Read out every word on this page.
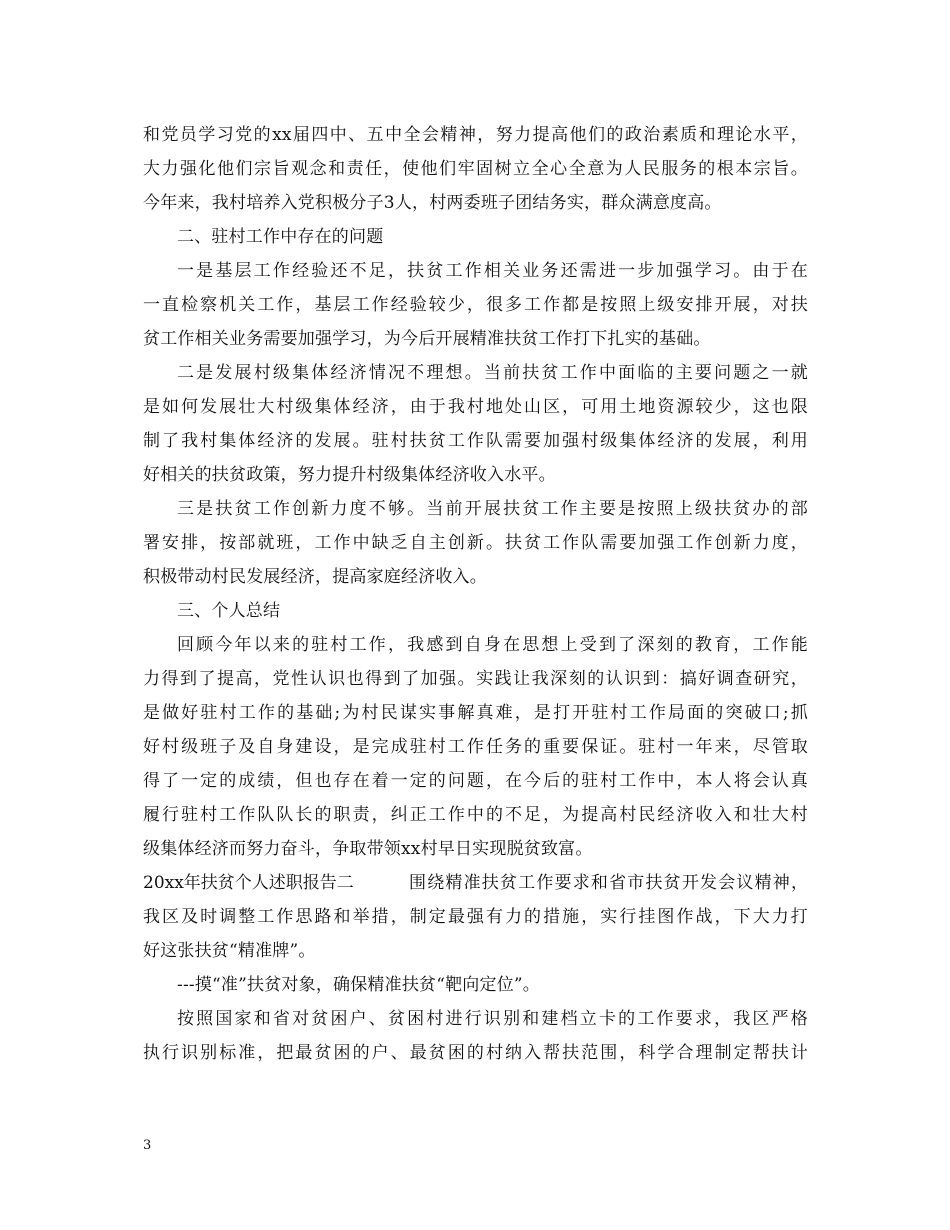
和党员学习党的xx届四中、五中全会精神，努力提高他们的政治素质和理论水平，
大力强化他们宗旨观念和责任，使他们牢固树立全心全意为人民服务的根本宗旨。
今年来，我村培养入党积极分子3人，村两委班子团结务实，群众满意度高。
二、驻村工作中存在的问题
一是基层工作经验还不足，扶贫工作相关业务还需进一步加强学习。由于在
一直检察机关工作，基层工作经验较少，很多工作都是按照上级安排开展，对扶
贫工作相关业务需要加强学习，为今后开展精准扶贫工作打下扎实的基础。
二是发展村级集体经济情况不理想。当前扶贫工作中面临的主要问题之一就
是如何发展壮大村级集体经济，由于我村地处山区，可用土地资源较少，这也限
制了我村集体经济的发展。驻村扶贫工作队需要加强村级集体经济的发展，利用
好相关的扶贫政策，努力提升村级集体经济收入水平。
三是扶贫工作创新力度不够。当前开展扶贫工作主要是按照上级扶贫办的部
署安排，按部就班，工作中缺乏自主创新。扶贫工作队需要加强工作创新力度，
积极带动村民发展经济，提高家庭经济收入。
三、个人总结
回顾今年以来的驻村工作，我感到自身在思想上受到了深刻的教育，工作能
力得到了提高，党性认识也得到了加强。实践让我深刻的认识到：搞好调查研究，
是做好驻村工作的基础;为村民谋实事解真难，是打开驻村工作局面的突破口;抓
好村级班子及自身建设，是完成驻村工作任务的重要保证。驻村一年来，尽管取
得了一定的成绩，但也存在着一定的问题，在今后的驻村工作中，本人将会认真
履行驻村工作队队长的职责，纠正工作中的不足，为提高村民经济收入和壮大村
级集体经济而努力奋斗，争取带领xx村早日实现脱贫致富。
20xx年扶贫个人述职报告二	围绕精准扶贫工作要求和省市扶贫开发会议精神，
我区及时调整工作思路和举措，制定最强有力的措施，实行挂图作战，下大力打
好这张扶贫“精准牌”。
---摸“准”扶贫对象，确保精准扶贫“靶向定位”。
按照国家和省对贫困户、贫困村进行识别和建档立卡的工作要求，我区严格
执行识别标准，把最贫困的户、最贫困的村纳入帮扶范围，科学合理制定帮扶计
3
